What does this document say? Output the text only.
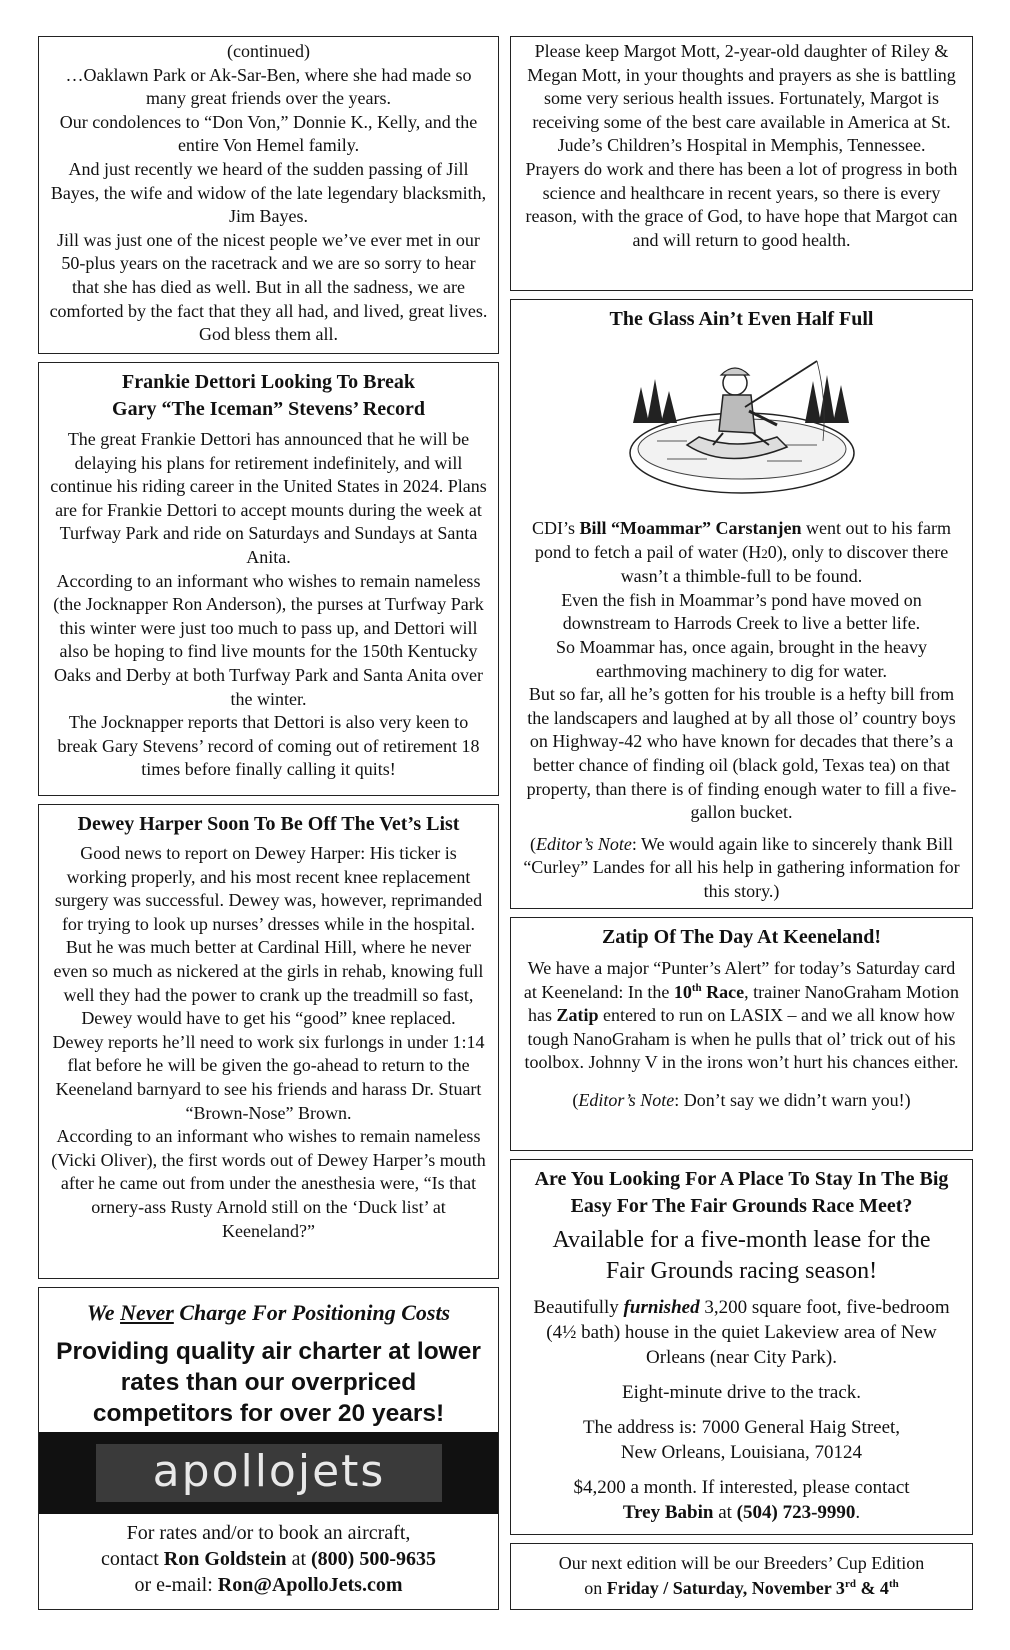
(continued)

…Oaklawn Park or Ak-Sar-Ben, where she had made so many great friends over the years.

Our condolences to “Don Von,” Donnie K., Kelly, and the entire Von Hemel family.

And just recently we heard of the sudden passing of Jill Bayes, the wife and widow of the late legendary blacksmith, Jim Bayes.

Jill was just one of the nicest people we’ve ever met in our 50-plus years on the racetrack and we are so sorry to hear that she has died as well. But in all the sadness, we are comforted by the fact that they all had, and lived, great lives. God bless them all.

Frankie Dettori Looking To Break

Gary “The Iceman” Stevens’ Record

The great Frankie Dettori has announced that he will be delaying his plans for retirement indefinitely, and will continue his riding career in the United States in 2024. Plans are for Frankie Dettori to accept mounts during the week at Turfway Park and ride on Saturdays and Sundays at Santa Anita.

According to an informant who wishes to remain nameless (the Jocknapper Ron Anderson), the purses at Turfway Park this winter were just too much to pass up, and Dettori will also be hoping to find live mounts for the 150th Kentucky Oaks and Derby at both Turfway Park and Santa Anita over the winter.

The Jocknapper reports that Dettori is also very keen to break Gary Stevens’ record of coming out of retirement 18 times before finally calling it quits!

Dewey Harper Soon To Be Off The Vet’s List

Good news to report on Dewey Harper: His ticker is working properly, and his most recent knee replacement surgery was successful. Dewey was, however, reprimanded for trying to look up nurses’ dresses while in the hospital. But he was much better at Cardinal Hill, where he never even so much as nickered at the girls in rehab, knowing full well they had the power to crank up the treadmill so fast, Dewey would have to get his “good” knee replaced.

Dewey reports he’ll need to work six furlongs in under 1:14 flat before he will be given the go-ahead to return to the Keeneland barnyard to see his friends and harass Dr. Stuart “Brown-Nose” Brown.

According to an informant who wishes to remain nameless (Vicki Oliver), the first words out of Dewey Harper’s mouth after he came out from under the anesthesia were, “Is that ornery-ass Rusty Arnold still on the ‘Duck list’ at Keeneland?”

We Never Charge For Positioning Costs

Providing quality air charter at lower rates than our overpriced competitors for over 20 years!

apollojets

For rates and/or to book an aircraft,

contact Ron Goldstein at (800) 500-9635

or e-mail: Ron@ApolloJets.com

Please keep Margot Mott, 2-year-old daughter of Riley & Megan Mott, in your thoughts and prayers as she is battling some very serious health issues. Fortunately, Margot is receiving some of the best care available in America at St. Jude’s Children’s Hospital in Memphis, Tennessee.

Prayers do work and there has been a lot of progress in both science and healthcare in recent years, so there is every reason, with the grace of God, to have hope that Margot can and will return to good health.

The Glass Ain’t Even Half Full

CDI’s Bill “Moammar” Carstanjen went out to his farm pond to fetch a pail of water (H20), only to discover there wasn’t a thimble-full to be found.

Even the fish in Moammar’s pond have moved on downstream to Harrods Creek to live a better life.

So Moammar has, once again, brought in the heavy earthmoving machinery to dig for water.

But so far, all he’s gotten for his trouble is a hefty bill from the landscapers and laughed at by all those ol’ country boys on Highway-42 who have known for decades that there’s a better chance of finding oil (black gold, Texas tea) on that property, than there is of finding enough water to fill a five-gallon bucket.

(Editor’s Note: We would again like to sincerely thank Bill “Curley” Landes for all his help in gathering information for this story.)

Zatip Of The Day At Keeneland!

We have a major “Punter’s Alert” for today’s Saturday card at Keeneland: In the 10th Race, trainer NanoGraham Motion has Zatip entered to run on LASIX – and we all know how tough NanoGraham is when he pulls that ol’ trick out of his toolbox. Johnny V in the irons won’t hurt his chances either.

(Editor’s Note: Don’t say we didn’t warn you!)

Are You Looking For A Place To Stay In The Big Easy For The Fair Grounds Race Meet?

Available for a five-month lease for the Fair Grounds racing season!

Beautifully furnished 3,200 square foot, five-bedroom (4½ bath) house in the quiet Lakeview area of New Orleans (near City Park).

Eight-minute drive to the track.

The address is: 7000 General Haig Street,

New Orleans, Louisiana, 70124

$4,200 a month. If interested, please contact

Trey Babin at (504) 723-9990.

Our next edition will be our Breeders’ Cup Edition

on Friday / Saturday, November 3rd & 4th
